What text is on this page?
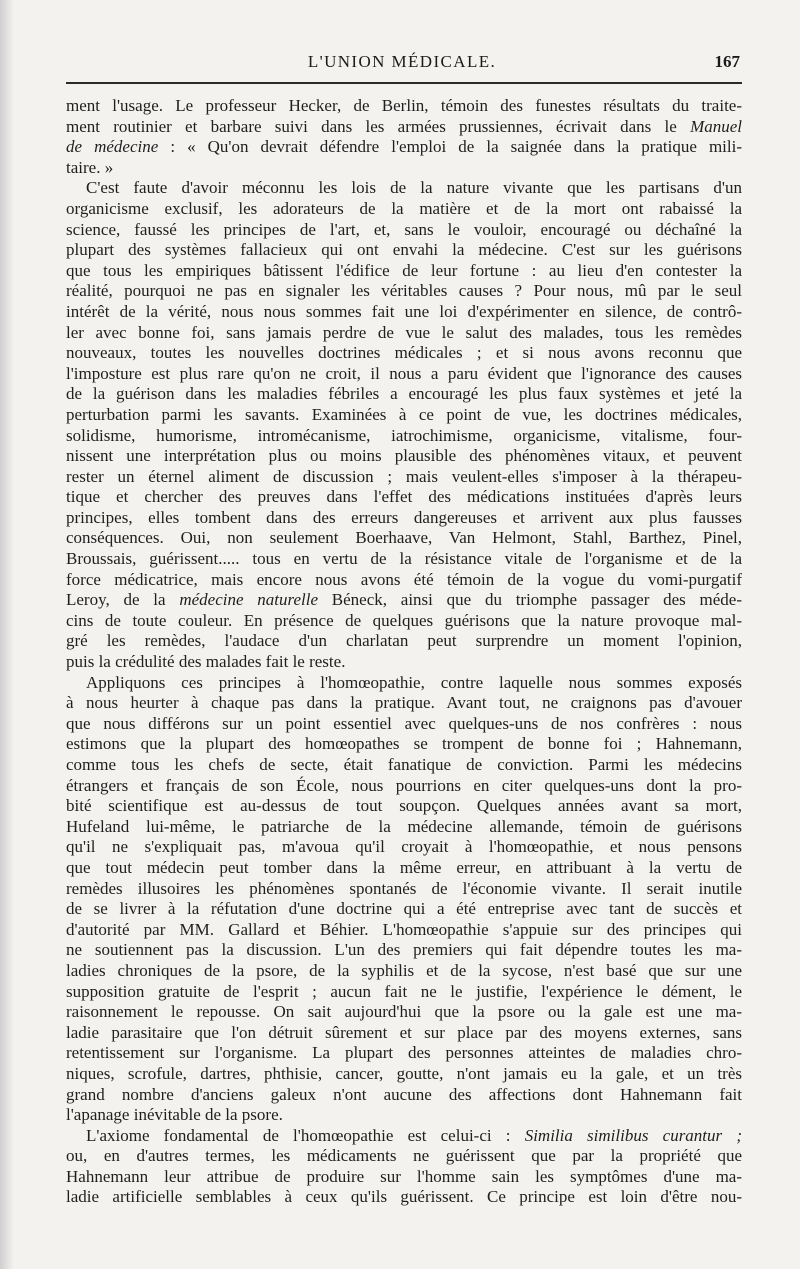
L'UNION MÉDICALE.	167
ment l'usage. Le professeur Hecker, de Berlin, témoin des funestes résultats du traite-
ment routinier et barbare suivi dans les armées prussiennes, écrivait dans le Manuel
de médecine : « Qu'on devrait défendre l'emploi de la saignée dans la pratique mili-
taire. »
C'est faute d'avoir méconnu les lois de la nature vivante que les partisans d'un
organicisme exclusif, les adorateurs de la matière et de la mort ont rabaissé la
science, faussé les principes de l'art, et, sans le vouloir, encouragé ou déchaîné la
plupart des systèmes fallacieux qui ont envahi la médecine. C'est sur les guérisons
que tous les empiriques bâtissent l'édifice de leur fortune : au lieu d'en contester la
réalité, pourquoi ne pas en signaler les véritables causes ? Pour nous, mû par le seul
intérêt de la vérité, nous nous sommes fait une loi d'expérimenter en silence, de contrô-
ler avec bonne foi, sans jamais perdre de vue le salut des malades, tous les remèdes
nouveaux, toutes les nouvelles doctrines médicales ; et si nous avons reconnu que
l'imposture est plus rare qu'on ne croit, il nous a paru évident que l'ignorance des causes
de la guérison dans les maladies fébriles a encouragé les plus faux systèmes et jeté la
perturbation parmi les savants. Examinées à ce point de vue, les doctrines médicales,
solidisme, humorisme, intromécanisme, iatrochimisme, organicisme, vitalisme, four-
nissent une interprétation plus ou moins plausible des phénomènes vitaux, et peuvent
rester un éternel aliment de discussion ; mais veulent-elles s'imposer à la thérapeu-
tique et chercher des preuves dans l'effet des médications instituées d'après leurs
principes, elles tombent dans des erreurs dangereuses et arrivent aux plus fausses
conséquences. Oui, non seulement Boerhaave, Van Helmont, Stahl, Barthez, Pinel,
Broussais, guérissent..... tous en vertu de la résistance vitale de l'organisme et de la
force médicatrice, mais encore nous avons été témoin de la vogue du vomi-purgatif
Leroy, de la médecine naturelle Béneck, ainsi que du triomphe passager des méde-
cins de toute couleur. En présence de quelques guérisons que la nature provoque mal-
gré les remèdes, l'audace d'un charlatan peut surprendre un moment l'opinion,
puis la crédulité des malades fait le reste.
Appliquons ces principes à l'homœopathie, contre laquelle nous sommes exposés
à nous heurter à chaque pas dans la pratique. Avant tout, ne craignons pas d'avouer
que nous différons sur un point essentiel avec quelques-uns de nos confrères : nous
estimons que la plupart des homœopathes se trompent de bonne foi ; Hahnemann,
comme tous les chefs de secte, était fanatique de conviction. Parmi les médecins
étrangers et français de son École, nous pourrions en citer quelques-uns dont la pro-
bité scientifique est au-dessus de tout soupçon. Quelques années avant sa mort,
Hufeland lui-même, le patriarche de la médecine allemande, témoin de guérisons
qu'il ne s'expliquait pas, m'avoua qu'il croyait à l'homœopathie, et nous pensons
que tout médecin peut tomber dans la même erreur, en attribuant à la vertu de
remèdes illusoires les phénomènes spontanés de l'économie vivante. Il serait inutile
de se livrer à la réfutation d'une doctrine qui a été entreprise avec tant de succès et
d'autorité par MM. Gallard et Béhier. L'homœopathie s'appuie sur des principes qui
ne soutiennent pas la discussion. L'un des premiers qui fait dépendre toutes les ma-
ladies chroniques de la psore, de la syphilis et de la sycose, n'est basé que sur une
supposition gratuite de l'esprit ; aucun fait ne le justifie, l'expérience le dément, le
raisonnement le repousse. On sait aujourd'hui que la psore ou la gale est une ma-
ladie parasitaire que l'on détruit sûrement et sur place par des moyens externes, sans
retentissement sur l'organisme. La plupart des personnes atteintes de maladies chro-
niques, scrofule, dartres, phthisie, cancer, goutte, n'ont jamais eu la gale, et un très
grand nombre d'anciens galeux n'ont aucune des affections dont Hahnemann fait
l'apanage inévitable de la psore.
L'axiome fondamental de l'homœopathie est celui-ci : Similia similibus curantur ;
ou, en d'autres termes, les médicaments ne guérissent que par la propriété que
Hahnemann leur attribue de produire sur l'homme sain les symptômes d'une ma-
ladie artificielle semblables à ceux qu'ils guérissent. Ce principe est loin d'être nou-
